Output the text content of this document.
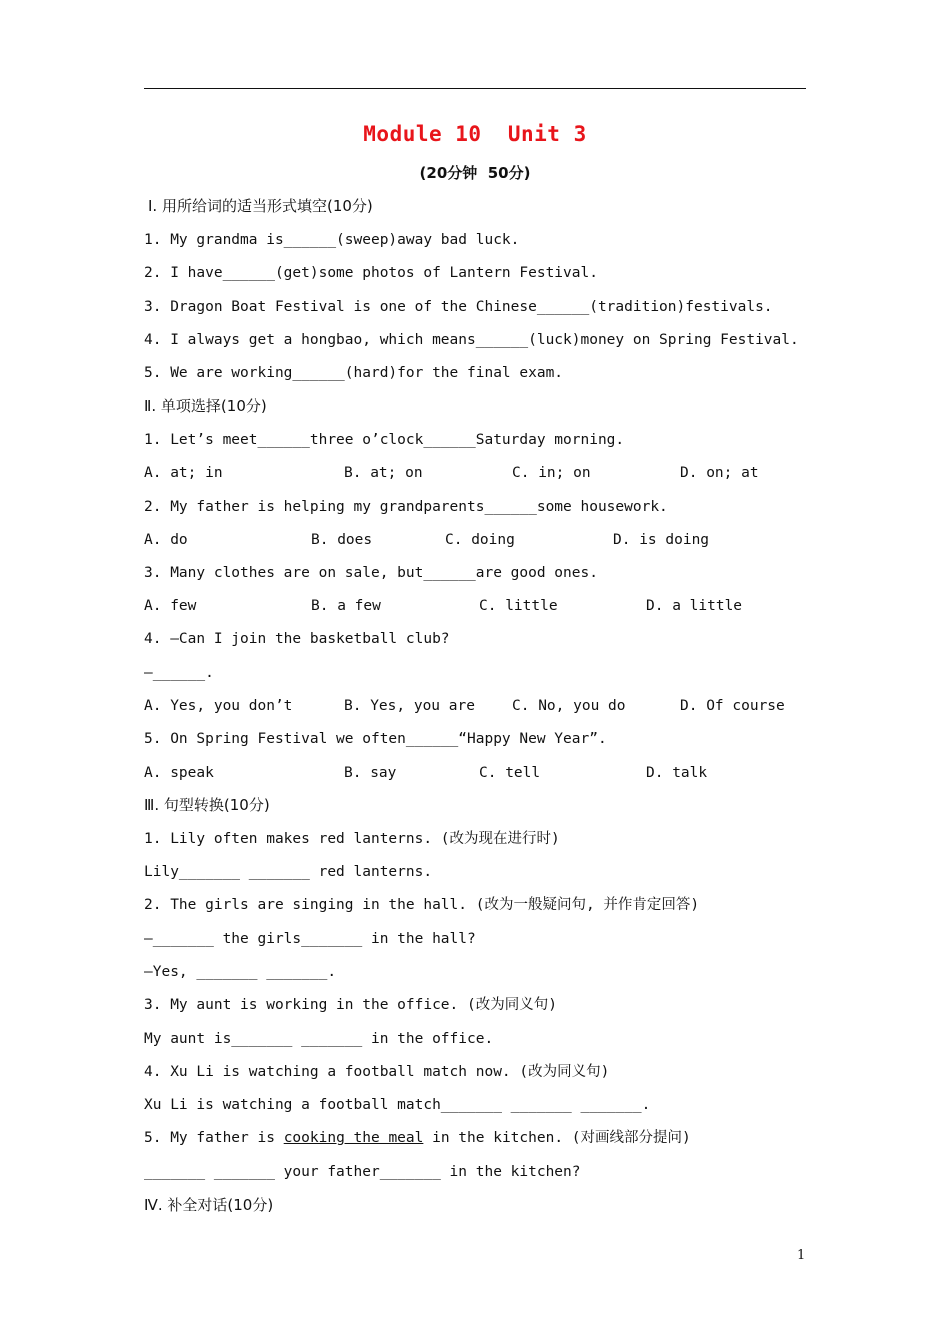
Module 10  Unit 3
(20分钟  50分)
Ⅰ. 用所给词的适当形式填空(10分)
1. My grandma is______(sweep)away bad luck.
2. I have______(get)some photos of Lantern Festival.
3. Dragon Boat Festival is one of the Chinese______(tradition)festivals.
4. I always get a hongbao, which means______(luck)money on Spring Festival.
5. We are working______(hard)for the final exam.
Ⅱ. 单项选择(10分)
1. Let’s meet______three o’clock______Saturday morning.
A. at; in	B. at; on	C. in; on	D. on; at
2. My father is helping my grandparents______some housework.
A. do	B. does	C. doing	D. is doing
3. Many clothes are on sale, but______are good ones.
A. few	B. a few	C. little	D. a little
4. —Can I join the basketball club?
—______.
A. Yes, you don’t	B. Yes, you are	C. No, you do	D. Of course
5. On Spring Festival we often______“Happy New Year”.
A. speak	B. say	C. tell	D. talk
Ⅲ. 句型转换(10分)
1. Lily often makes red lanterns. (改为现在进行时)
Lily_______ _______ red lanterns.
2. The girls are singing in the hall. (改为一般疑问句, 并作肯定回答)
—_______ the girls_______ in the hall?
—Yes, _______ _______.
3. My aunt is working in the office. (改为同义句)
My aunt is_______ _______ in the office.
4. Xu Li is watching a football match now. (改为同义句)
Xu Li is watching a football match_______ _______ _______.
5. My father is cooking the meal in the kitchen. (对画线部分提问)
_______ _______ your father_______ in the kitchen?
Ⅳ. 补全对话(10分)
1
